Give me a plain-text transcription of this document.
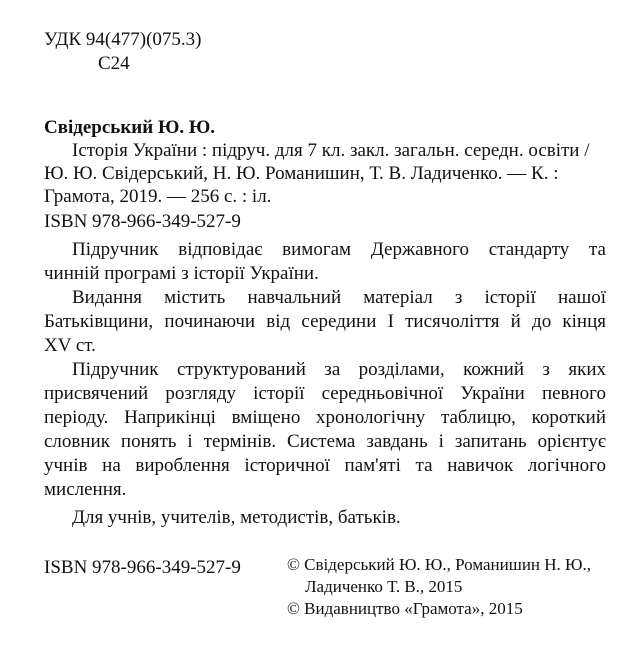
УДК 94(477)(075.3)
С24
Свідерський Ю. Ю.
Історія України : підруч. для 7 кл. закл. загальн. середн. освіти /
Ю. Ю. Свідерський, Н. Ю. Романишин, Т. В. Ладиченко. — К. :
Грамота, 2019. — 256 с. : іл.
ISBN 978-966-349-527-9
Підручник відповідає вимогам Державного стандарту та
чинній програмі з історії України.
Видання містить навчальний матеріал з історії нашої
Батьківщини, починаючи від середини І тисячоліття й до кінця
XV ст.
Підручник структурований за розділами, кожний з яких
присвячений розгляду історії середньовічної України певного
періоду. Наприкінці вміщено хронологічну таблицю, короткий
словник понять і термінів. Система завдань і запитань орієнтує
учнів на вироблення історичної пам'яті та навичок логічного
мислення.
Для учнів, учителів, методистів, батьків.
ISBN 978-966-349-527-9	© Свідерський Ю. Ю., Романишин Н. Ю.,
Ладиченко Т. В., 2015
© Видавництво «Грамота», 2015
